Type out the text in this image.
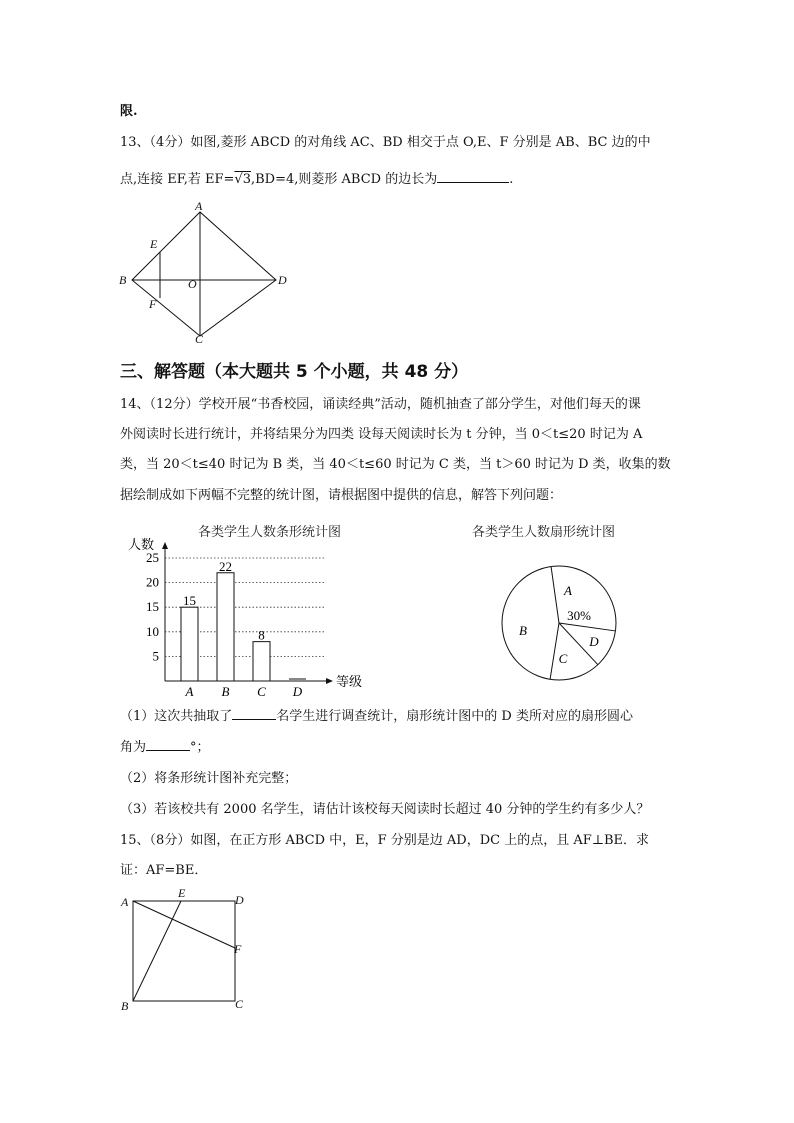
限.
13、（4分）如图,菱形 ABCD 的对角线 AC、BD 相交于点 O,E、F 分别是 AB、BC 边的中
点,连接 EF,若 EF=√3,BD=4,则菱形 ABCD 的边长为	.
A
B
C
D
E
F
O
三、解答题（本大题共 5 个小题，共 48 分）
14、（12分）学校开展“书香校园，诵读经典”活动，随机抽查了部分学生，对他们每天的课
外阅读时长进行统计，并将结果分为四类 设每天阅读时长为 t 分钟，当 0＜t≤20 时记为 A
类，当 20＜t≤40 时记为 B 类，当 40＜t≤60 时记为 C 类，当 t＞60 时记为 D 类，收集的数
据绘制成如下两幅不完整的统计图，请根据图中提供的信息，解答下列问题：
各类学生人数条形统计图	各类学生人数扇形统计图
人数
等级
5
10
15
20
25
15
A
22
B
8
C D
A
30%
D
C
B
（1）这次共抽取了	名学生进行调查统计，扇形统计图中的 D 类所对应的扇形圆心
角为	°；
（2）将条形统计图补充完整；
（3）若该校共有 2000 名学生，请估计该校每天阅读时长超过 40 分钟的学生约有多少人？
15、（8分）如图，在正方形 ABCD 中，E，F 分别是边 AD，DC 上的点，且 AF⊥BE．求
证：AF=BE．
A
B	C
D
E
F
